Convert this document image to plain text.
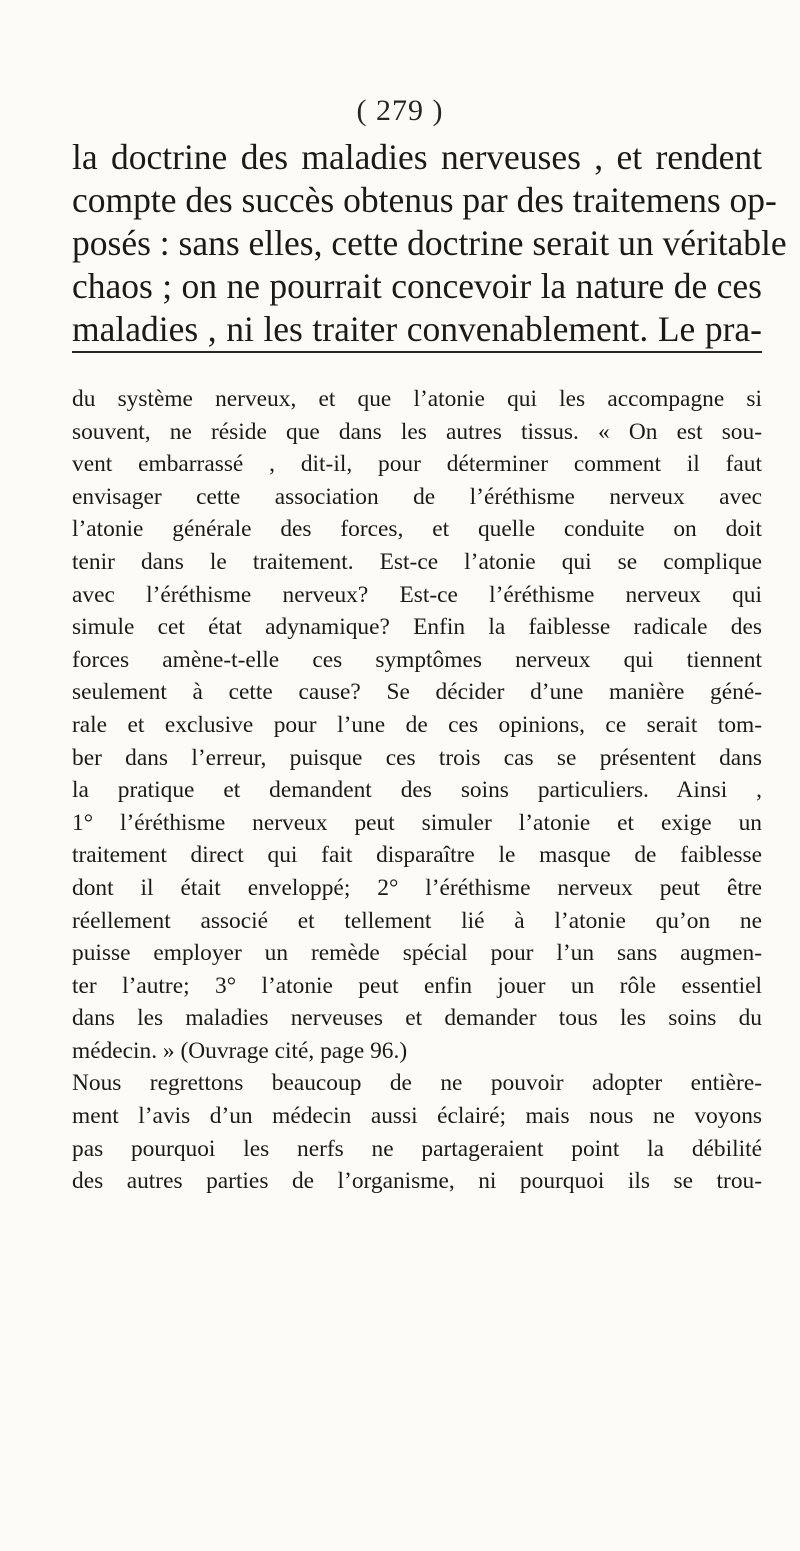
( 279 )
la doctrine des maladies nerveuses , et rendent
compte des succès obtenus par des traitemens op-
posés : sans elles, cette doctrine serait un véritable
chaos ; on ne pourrait concevoir la nature de ces
maladies , ni les traiter convenablement. Le pra-
du système nerveux, et que l’atonie qui les accompagne si
souvent, ne réside que dans les autres tissus. « On est sou-
vent embarrassé , dit-il, pour déterminer comment il faut
envisager cette association de l’éréthisme nerveux avec
l’atonie générale des forces, et quelle conduite on doit
tenir dans le traitement. Est-ce l’atonie qui se complique
avec l’éréthisme nerveux? Est-ce l’éréthisme nerveux qui
simule cet état adynamique? Enfin la faiblesse radicale des
forces amène-t-elle ces symptômes nerveux qui tiennent
seulement à cette cause? Se décider d’une manière géné-
rale et exclusive pour l’une de ces opinions, ce serait tom-
ber dans l’erreur, puisque ces trois cas se présentent dans
la pratique et demandent des soins particuliers. Ainsi ,
1° l’éréthisme nerveux peut simuler l’atonie et exige un
traitement direct qui fait disparaître le masque de faiblesse
dont il était enveloppé; 2° l’éréthisme nerveux peut être
réellement associé et tellement lié à l’atonie qu’on ne
puisse employer un remède spécial pour l’un sans augmen-
ter l’autre; 3° l’atonie peut enfin jouer un rôle essentiel
dans les maladies nerveuses et demander tous les soins du
médecin. » (Ouvrage cité, page 96.)
Nous regrettons beaucoup de ne pouvoir adopter entière-
ment l’avis d’un médecin aussi éclairé; mais nous ne voyons
pas pourquoi les nerfs ne partageraient point la débilité
des autres parties de l’organisme, ni pourquoi ils se trou-
